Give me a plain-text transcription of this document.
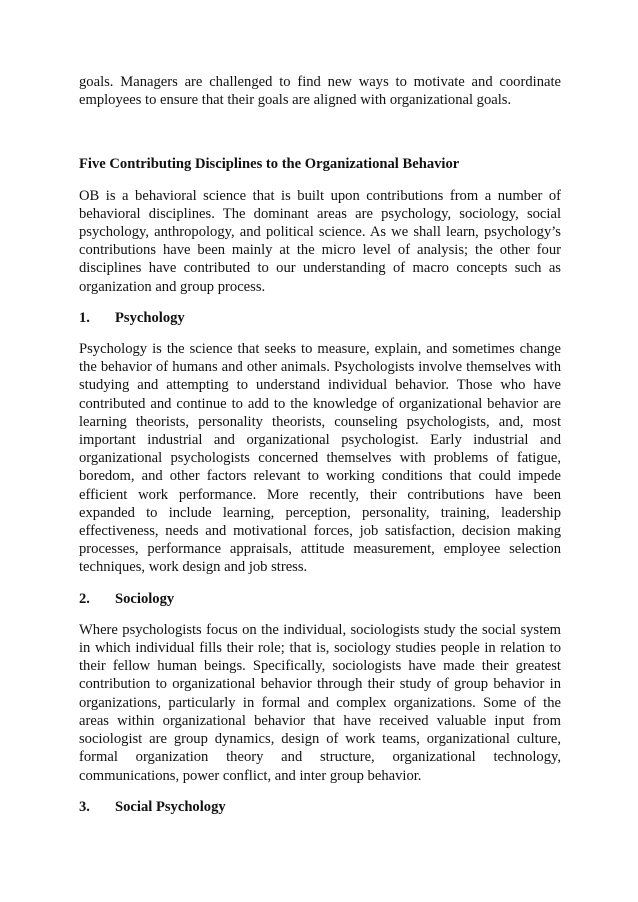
goals. Managers are challenged to find new ways to motivate and coordinate employees to ensure that their goals are aligned with organizational goals.

Five Contributing Disciplines to the Organizational Behavior

OB is a behavioral science that is built upon contributions from a number of behavioral disciplines. The dominant areas are psychology, sociology, social psychology, anthropology, and political science. As we shall learn, psychology’s contributions have been mainly at the micro level of analysis; the other four disciplines have contributed to our understanding of macro concepts such as organization and group process.

1.	Psychology

Psychology is the science that seeks to measure, explain, and sometimes change the behavior of humans and other animals. Psychologists involve themselves with studying and attempting to understand individual behavior. Those who have contributed and continue to add to the knowledge of organizational behavior are learning theorists, personality theorists, counseling psychologists, and, most important industrial and organizational psychologist. Early industrial and organizational psychologists concerned themselves with problems of fatigue, boredom, and other factors relevant to working conditions that could impede efficient work performance. More recently, their contributions have been expanded to include learning, perception, personality, training, leadership effectiveness, needs and motivational forces, job satisfaction, decision making processes, performance appraisals, attitude measurement, employee selection techniques, work design and job stress.

2.	Sociology

Where psychologists focus on the individual, sociologists study the social system in which individual fills their role; that is, sociology studies people in relation to their fellow human beings. Specifically, sociologists have made their greatest contribution to organizational behavior through their study of group behavior in organizations, particularly in formal and complex organizations. Some of the areas within organizational behavior that have received valuable input from sociologist are group dynamics, design of work teams, organizational culture, formal organization theory and structure, organizational technology, communications, power conflict, and inter group behavior.

3.	Social Psychology
